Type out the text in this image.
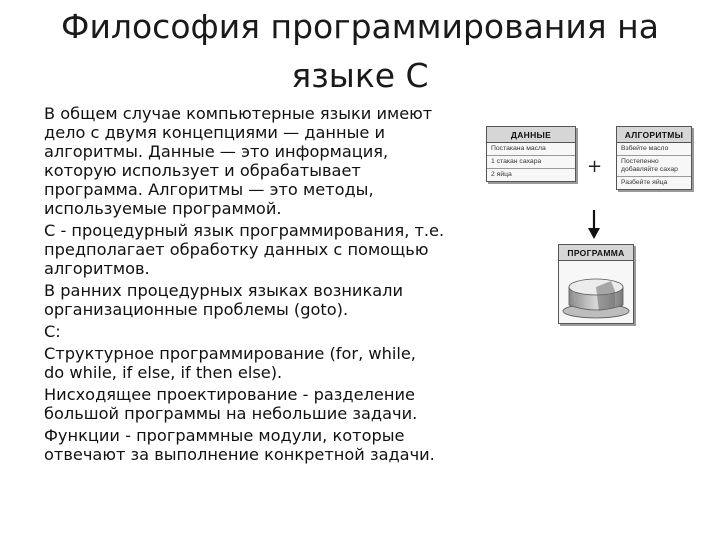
Философия программирования на
языке С

В общем случае компьютерные языки имеют

дело с двумя концепциями — данные и

алгоритмы. Данные — это информация,

которую использует и обрабатывает

программа. Алгоритмы — это методы,

используемые программой.

С - процедурный язык программирования, т.е.

предполагает обработку данных с помощью

алгоритмов.

В ранних процедурных языках возникали

организационные проблемы (goto).

С:

Структурное программирование (for, while,

do while, if else, if then else).

Нисходящее проектирование - разделение

большой программы на небольшие задачи.

Функции - программные модули, которые

отвечают за выполнение конкретной задачи.

ДАННЫЕ
Постакана масла
1 стакан сахара
2 яйца	+
АЛГОРИТМЫ
Взбейте масло
Постепенно добавляйте сахар
Разбейте яйца
ПРОГРАММА
